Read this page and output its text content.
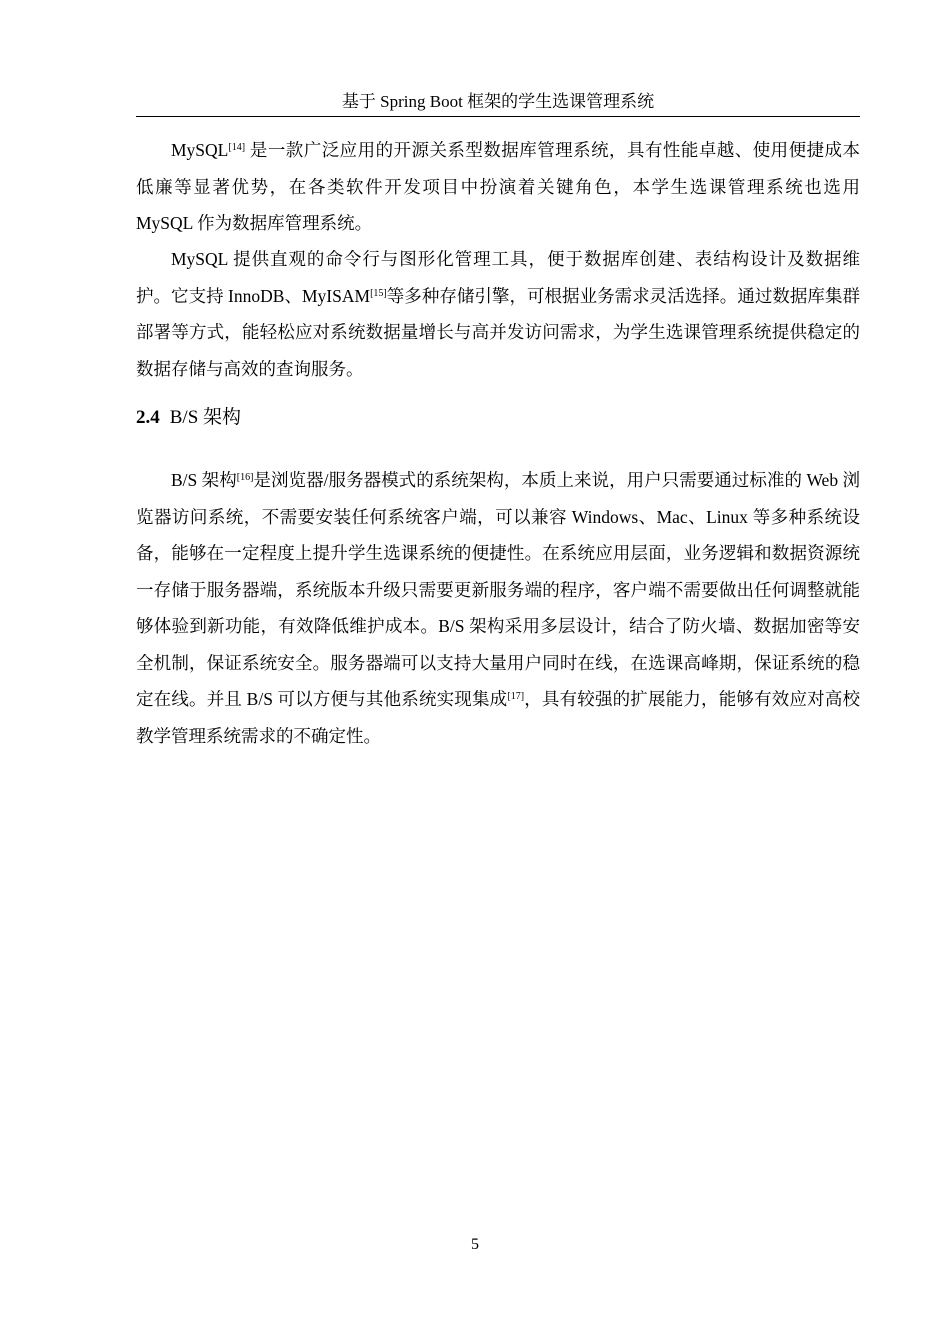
基于 Spring Boot 框架的学生选课管理系统

MySQL[14] 是一款广泛应用的开源关系型数据库管理系统，具有性能卓越、使用便捷成本低廉等显著优势，在各类软件开发项目中扮演着关键角色，本学生选课管理系统也选用 MySQL 作为数据库管理系统。

MySQL 提供直观的命令行与图形化管理工具，便于数据库创建、表结构设计及数据维护。它支持 InnoDB、MyISAM[15]等多种存储引擎，可根据业务需求灵活选择。通过数据库集群部署等方式，能轻松应对系统数据量增长与高并发访问需求，为学生选课管理系统提供稳定的数据存储与高效的查询服务。

2.4 B/S 架构

B/S 架构[16]是浏览器/服务器模式的系统架构，本质上来说，用户只需要通过标准的 Web 浏览器访问系统，不需要安装任何系统客户端，可以兼容 Windows、Mac、Linux 等多种系统设备，能够在一定程度上提升学生选课系统的便捷性。在系统应用层面，业务逻辑和数据资源统一存储于服务器端，系统版本升级只需要更新服务端的程序，客户端不需要做出任何调整就能够体验到新功能，有效降低维护成本。B/S 架构采用多层设计，结合了防火墙、数据加密等安全机制，保证系统安全。服务器端可以支持大量用户同时在线，在选课高峰期，保证系统的稳定在线。并且 B/S 可以方便与其他系统实现集成[17]，具有较强的扩展能力，能够有效应对高校教学管理系统需求的不确定性。

5
